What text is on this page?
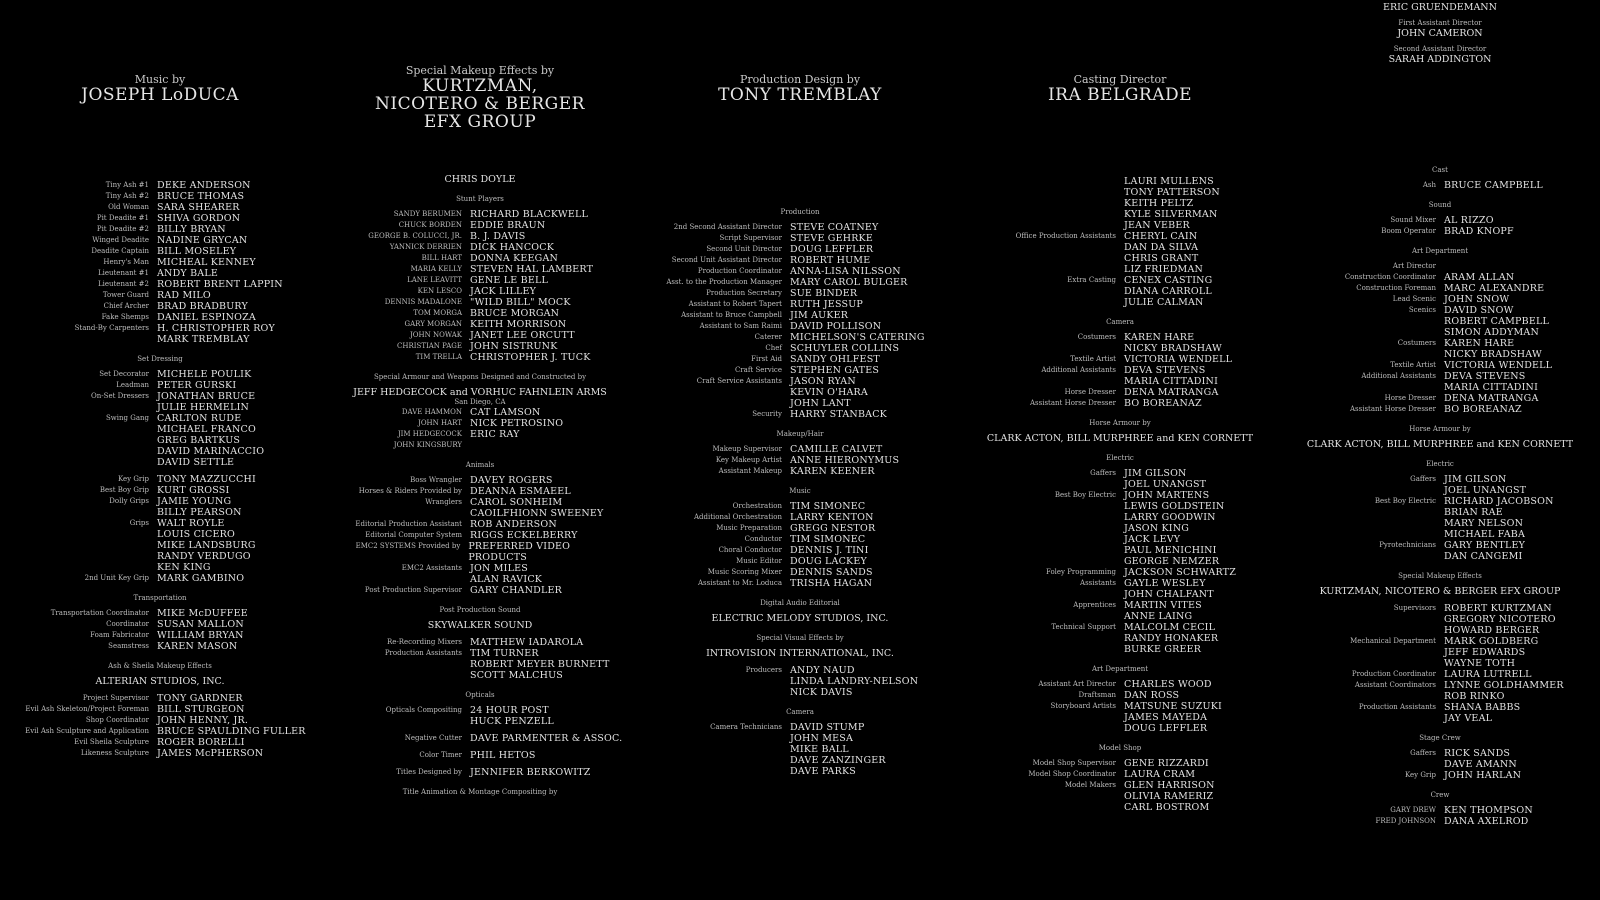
Music by
JOSEPH LoDUCA
Tiny Ash #1 DEKE ANDERSON
Tiny Ash #2 BRUCE THOMAS
Old Woman SARA SHEARER
Pit Deadite #1 SHIVA GORDON
Pit Deadite #2 BILLY BRYAN
Winged Deadite NADINE GRYCAN
Deadite Captain BILL MOSELEY
Henry's Man MICHEAL KENNEY
Lieutenant #1 ANDY BALE
Lieutenant #2 ROBERT BRENT LAPPIN
Tower Guard RAD MILO
Chief Archer BRAD BRADBURY
Fake Shemps DANIEL ESPINOZA
Stand-By Carpenters H. CHRISTOPHER ROY
MARK TREMBLAY
Set Dressing
Set Decorator MICHELE POULIK
Leadman PETER GURSKI
On-Set Dressers JONATHAN BRUCE
JULIE HERMELIN
Swing Gang CARLTON RUDE
MICHAEL FRANCO
GREG BARTKUS
DAVID MARINACCIO
DAVID SETTLE
Key Grip TONY MAZZUCCHI
Best Boy Grip KURT GROSSI
Dolly Grips JAMIE YOUNG
BILLY PEARSON
Grips WALT ROYLE
LOUIS CICERO
MIKE LANDSBURG
RANDY VERDUGO
KEN KING
2nd Unit Key Grip MARK GAMBINO
Transportation
Transportation Coordinator MIKE McDUFFEE
Coordinator SUSAN MALLON
Foam Fabricator WILLIAM BRYAN
Seamstress KAREN MASON
Ash & Sheila Makeup Effects
ALTERIAN STUDIOS, INC.
Project Supervisor TONY GARDNER
Evil Ash Skeleton/Project Foreman BILL STURGEON
Shop Coordinator JOHN HENNY, JR.
Evil Ash Sculpture and Application BRUCE SPAULDING FULLER
Evil Sheila Sculpture ROGER BORELLI
Likeness Sculpture JAMES McPHERSON
Special Makeup Effects by
KURTZMAN, NICOTERO & BERGER EFX GROUP
CHRIS DOYLE
Stunt Players
SANDY BERUMEN RICHARD BLACKWELL
CHUCK BORDEN EDDIE BRAUN
GEORGE B. COLUCCI, JR. B. J. DAVIS
YANNICK DERRIEN DICK HANCOCK
BILL HART DONNA KEEGAN
MARIA KELLY STEVEN HAL LAMBERT
LANE LEAVITT GENE LE BELL
KEN LESCO JACK LILLEY
DENNIS MADALONE "WILD BILL" MOCK
TOM MORGA BRUCE MORGAN
GARY MORGAN KEITH MORRISON
JOHN NOWAK JANET LEE ORCUTT
CHRISTIAN PAGE JOHN SISTRUNK
TIM TRELLA CHRISTOPHER J. TUCK
Special Armour and Weapons Designed and Constructed by
JEFF HEDGECOCK and VORHUC FAHNLEIN ARMS
San Diego, CA
DAVE HAMMON CAT LAMSON
JOHN HART NICK PETROSINO
JIM HEDGECOCK ERIC RAY
JOHN KINGSBURY
Animals
Boss Wrangler DAVEY ROGERS
Horses & Riders Provided by DEANNA ESMAEEL
Wranglers CAROL SONHEIM
CAOILFHIONN SWEENEY
Editorial Production Assistant ROB ANDERSON
Editorial Computer System RIGGS ECKELBERRY
EMC2 SYSTEMS Provided by PREFERRED VIDEO PRODUCTS
EMC2 Assistants JON MILES
ALAN RAVICK
Post Production Supervisor GARY CHANDLER
Post Production Sound
SKYWALKER SOUND
Re-Recording Mixers MATTHEW IADAROLA
Production Assistants TIM TURNER
ROBERT MEYER BURNETT
SCOTT MALCHUS
Opticals
Opticals Compositing 24 HOUR POST
HUCK PENZELL
Negative Cutter DAVE PARMENTER & ASSOC.
Color Timer PHIL HETOS
Titles Designed by JENNIFER BERKOWITZ
Title Animation & Montage Compositing by
Production Design by
TONY TREMBLAY
Production
2nd Second Assistant Director STEVE COATNEY
Script Supervisor STEVE GEHRKE
Second Unit Director DOUG LEFFLER
Second Unit Assistant Director ROBERT HUME
Production Coordinator ANNA-LISA NILSSON
Asst. to the Production Manager MARY CAROL BULGER
Production Secretary SUE BINDER
Assistant to Robert Tapert RUTH JESSUP
Assistant to Bruce Campbell JIM AUKER
Assistant to Sam Raimi DAVID POLLISON
Caterer MICHELSON'S CATERING
Chef SCHUYLER COLLINS
First Aid SANDY OHLFEST
Craft Service STEPHEN GATES
Craft Service Assistants JASON RYAN
KEVIN O'HARA
JOHN LANT
Security HARRY STANBACK
Makeup/Hair
Makeup Supervisor CAMILLE CALVET
Key Makeup Artist ANNE HIERONYMUS
Assistant Makeup KAREN KEENER
Music
Orchestration TIM SIMONEC
Additional Orchestration LARRY KENTON
Music Preparation GREGG NESTOR
Conductor TIM SIMONEC
Choral Conductor DENNIS J. TINI
Music Editor DOUG LACKEY
Music Scoring Mixer DENNIS SANDS
Assistant to Mr. Loduca TRISHA HAGAN
Digital Audio Editorial
ELECTRIC MELODY STUDIOS, INC.
Special Visual Effects by
INTROVISION INTERNATIONAL, INC.
Producers ANDY NAUD
LINDA LANDRY-NELSON
NICK DAVIS
Camera
Camera Technicians DAVID STUMP
JOHN MESA
MIKE BALL
DAVE ZANZINGER
DAVE PARKS
Casting Director
IRA BELGRADE
LAURI MULLENS
TONY PATTERSON
KEITH PELTZ
KYLE SILVERMAN
JEAN VEBER
Office Production Assistants CHERYL CAIN
DAN DA SILVA
CHRIS GRANT
LIZ FRIEDMAN
Extra Casting CENEX CASTING
DIANA CARROLL
JULIE CALMAN
Camera
Costumers KAREN HARE
NICKY BRADSHAW
Textile Artist VICTORIA WENDELL
Additional Assistants DEVA STEVENS
MARIA CITTADINI
Horse Dresser DENA MATRANGA
Assistant Horse Dresser BO BOREANAZ
Horse Armour by
CLARK ACTON, BILL MURPHREE and KEN CORNETT
Electric
Gaffers JIM GILSON
JOEL UNANGST
Best Boy Electric JOHN MARTENS
LEWIS GOLDSTEIN
LARRY GOODWIN
JASON KING
JACK LEVY
PAUL MENICHINI
GEORGE NEMZER
Foley Programming JACKSON SCHWARTZ
Assistants GAYLE WESLEY
JOHN CHALFANT
Apprentices MARTIN VITES
ANNE LAING
Technical Support MALCOLM CECIL
RANDY HONAKER
BURKE GREER
Art Department
Assistant Art Director CHARLES WOOD
Draftsman DAN ROSS
Storyboard Artists MATSUNE SUZUKI
JAMES MAYEDA
DOUG LEFFLER
Model Shop
Model Shop Supervisor GENE RIZZARDI
Model Shop Coordinator LAURA CRAM
Model Makers GLEN HARRISON
OLIVIA RAMERIZ
CARL BOSTROM
ERIC GRUENDEMANN
First Assistant Director
JOHN CAMERON
Second Assistant Director
SARAH ADDINGTON
Cast
Ash BRUCE CAMPBELL
Sound
Sound Mixer AL RIZZO
Boom Operator BRAD KNOPF
Art Department
Art Director
Construction Coordinator ARAM ALLAN
Construction Foreman MARC ALEXANDRE
Lead Scenic JOHN SNOW
Scenics DAVID SNOW
ROBERT CAMPBELL
SIMON ADDYMAN
Costumers KAREN HARE
NICKY BRADSHAW
Textile Artist VICTORIA WENDELL
Additional Assistants DEVA STEVENS
MARIA CITTADINI
Horse Dresser DENA MATRANGA
Assistant Horse Dresser BO BOREANAZ
Horse Armour by
CLARK ACTON, BILL MURPHREE and KEN CORNETT
Electric
Gaffers JIM GILSON
JOEL UNANGST
Best Boy Electric RICHARD JACOBSON
BRIAN RAE
MARY NELSON
MICHAEL FABA
Pyrotechnicians GARY BENTLEY
DAN CANGEMI
Special Makeup Effects
KURTZMAN, NICOTERO & BERGER EFX GROUP
Supervisors ROBERT KURTZMAN
GREGORY NICOTERO
HOWARD BERGER
Mechanical Department MARK GOLDBERG
JEFF EDWARDS
WAYNE TOTH
Production Coordinator LAURA LUTRELL
Assistant Coordinators LYNNE GOLDHAMMER
ROB RINKO
Production Assistants SHANA BABBS
JAY VEAL
Stage Crew
Gaffers RICK SANDS
DAVE AMANN
Key Grip JOHN HARLAN
Crew
GARY DREW KEN THOMPSON
FRED JOHNSON DANA AXELROD
